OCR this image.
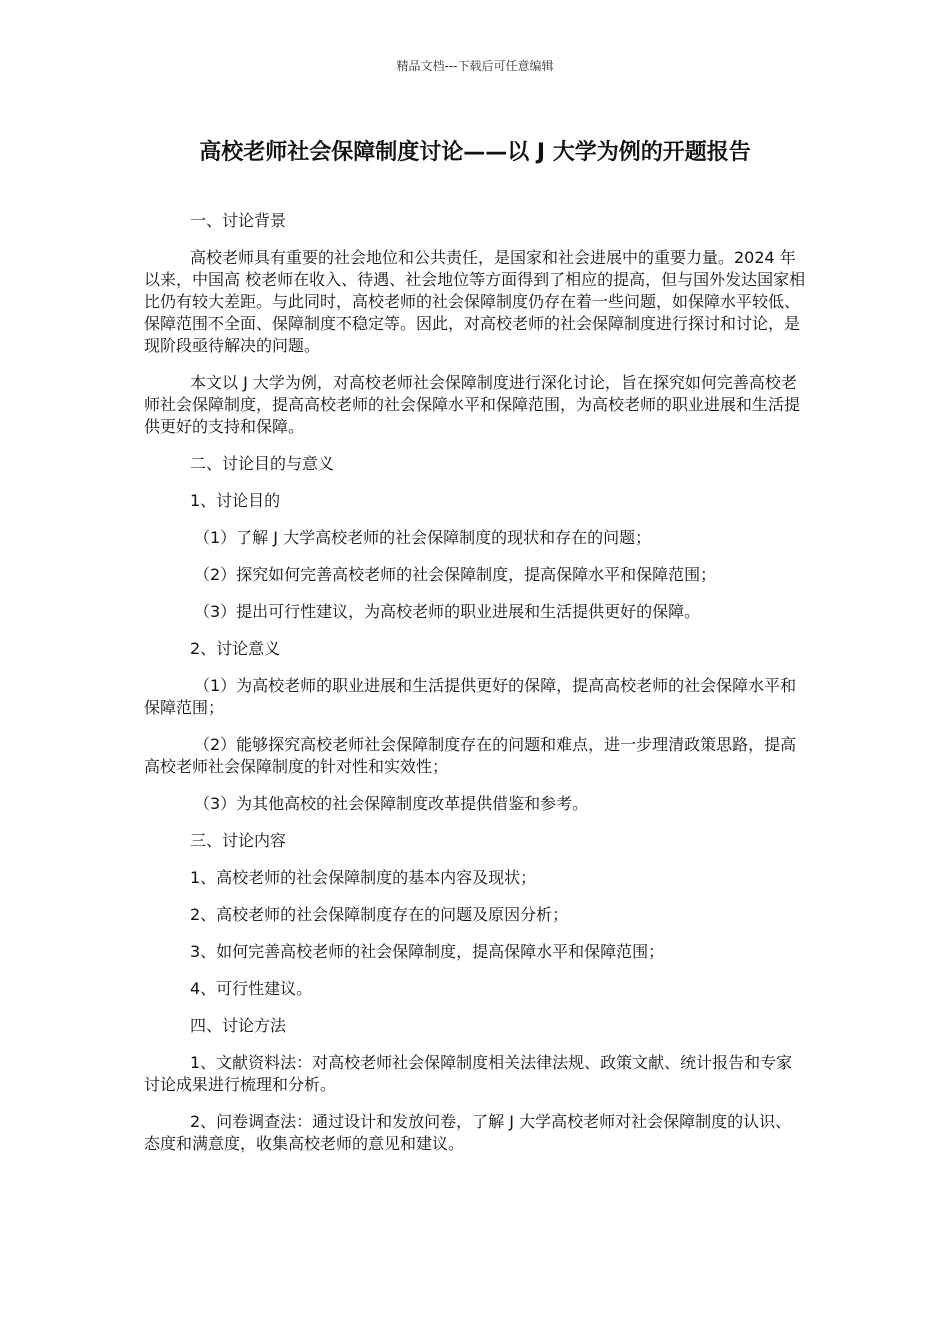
精品文档---下载后可任意编辑
高校老师社会保障制度讨论——以 J 大学为例的开题报告

一、讨论背景

高校老师具有重要的社会地位和公共责任，是国家和社会进展中的重要力量。2024 年以来，中国高 校老师在收入、待遇、社会地位等方面得到了相应的提高，但与国外发达国家相比仍有较大差距。与此同时，高校老师的社会保障制度仍存在着一些问题，如保障水平较低、保障范围不全面、保障制度不稳定等。因此，对高校老师的社会保障制度进行探讨和讨论，是现阶段亟待解决的问题。

本文以 J 大学为例，对高校老师社会保障制度进行深化讨论，旨在探究如何完善高校老师社会保障制度，提高高校老师的社会保障水平和保障范围，为高校老师的职业进展和生活提供更好的支持和保障。

二、讨论目的与意义

1、讨论目的

（1）了解 J 大学高校老师的社会保障制度的现状和存在的问题；

（2）探究如何完善高校老师的社会保障制度，提高保障水平和保障范围；

（3）提出可行性建议，为高校老师的职业进展和生活提供更好的保障。

2、讨论意义

（1）为高校老师的职业进展和生活提供更好的保障，提高高校老师的社会保障水平和保障范围；

（2）能够探究高校老师社会保障制度存在的问题和难点，进一步理清政策思路，提高高校老师社会保障制度的针对性和实效性；

（3）为其他高校的社会保障制度改革提供借鉴和参考。

三、讨论内容

1、高校老师的社会保障制度的基本内容及现状；

2、高校老师的社会保障制度存在的问题及原因分析；

3、如何完善高校老师的社会保障制度，提高保障水平和保障范围；

4、可行性建议。

四、讨论方法

1、文献资料法：对高校老师社会保障制度相关法律法规、政策文献、统计报告和专家讨论成果进行梳理和分析。

2、问卷调查法：通过设计和发放问卷，了解 J 大学高校老师对社会保障制度的认识、态度和满意度，收集高校老师的意见和建议。
